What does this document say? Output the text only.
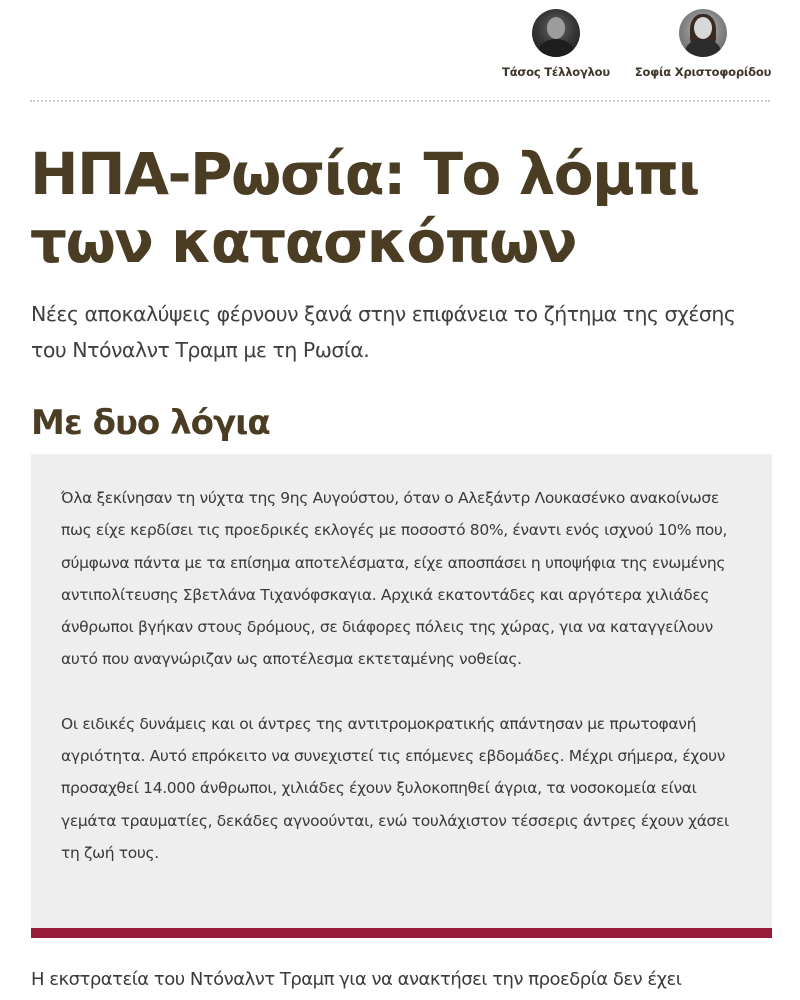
Τάσος Τέλλογλου Σοφία Χριστοφορίδου
ΗΠΑ-Ρωσία: Το λόμπι
των κατασκόπων

Νέες αποκαλύψεις φέρνουν ξανά στην επιφάνεια το ζήτημα της σχέσης του Ντόναλντ Τραμπ με τη Ρωσία.

Με δυο λόγια

Όλα ξεκίνησαν τη νύχτα της 9ης Αυγούστου, όταν ο Αλεξάντρ Λουκασένκο ανακοίνωσε πως είχε κερδίσει τις προεδρικές εκλογές με ποσοστό 80%, έναντι ενός ισχνού 10% που, σύμφωνα πάντα με τα επίσημα αποτελέσματα, είχε αποσπάσει η υποψήφια της ενωμένης αντιπολίτευσης Σβετλάνα Τιχανόφσκαγια. Αρχικά εκατοντάδες και αργότερα χιλιάδες άνθρωποι βγήκαν στους δρόμους, σε διάφορες πόλεις της χώρας, για να καταγγείλουν αυτό που αναγνώριζαν ως αποτέλεσμα εκτεταμένης νοθείας.

Οι ειδικές δυνάμεις και οι άντρες της αντιτρομοκρατικής απάντησαν με πρωτοφανή αγριότητα. Αυτό επρόκειτο να συνεχιστεί τις επόμενες εβδομάδες. Μέχρι σήμερα, έχουν προσαχθεί 14.000 άνθρωποι, χιλιάδες έχουν ξυλοκοπηθεί άγρια, τα νοσοκομεία είναι γεμάτα τραυματίες, δεκάδες αγνοούνται, ενώ τουλάχιστον τέσσερις άντρες έχουν χάσει τη ζωή τους.

Η εκστρατεία του Ντόναλντ Τραμπ για να ανακτήσει την προεδρία δεν έχει
